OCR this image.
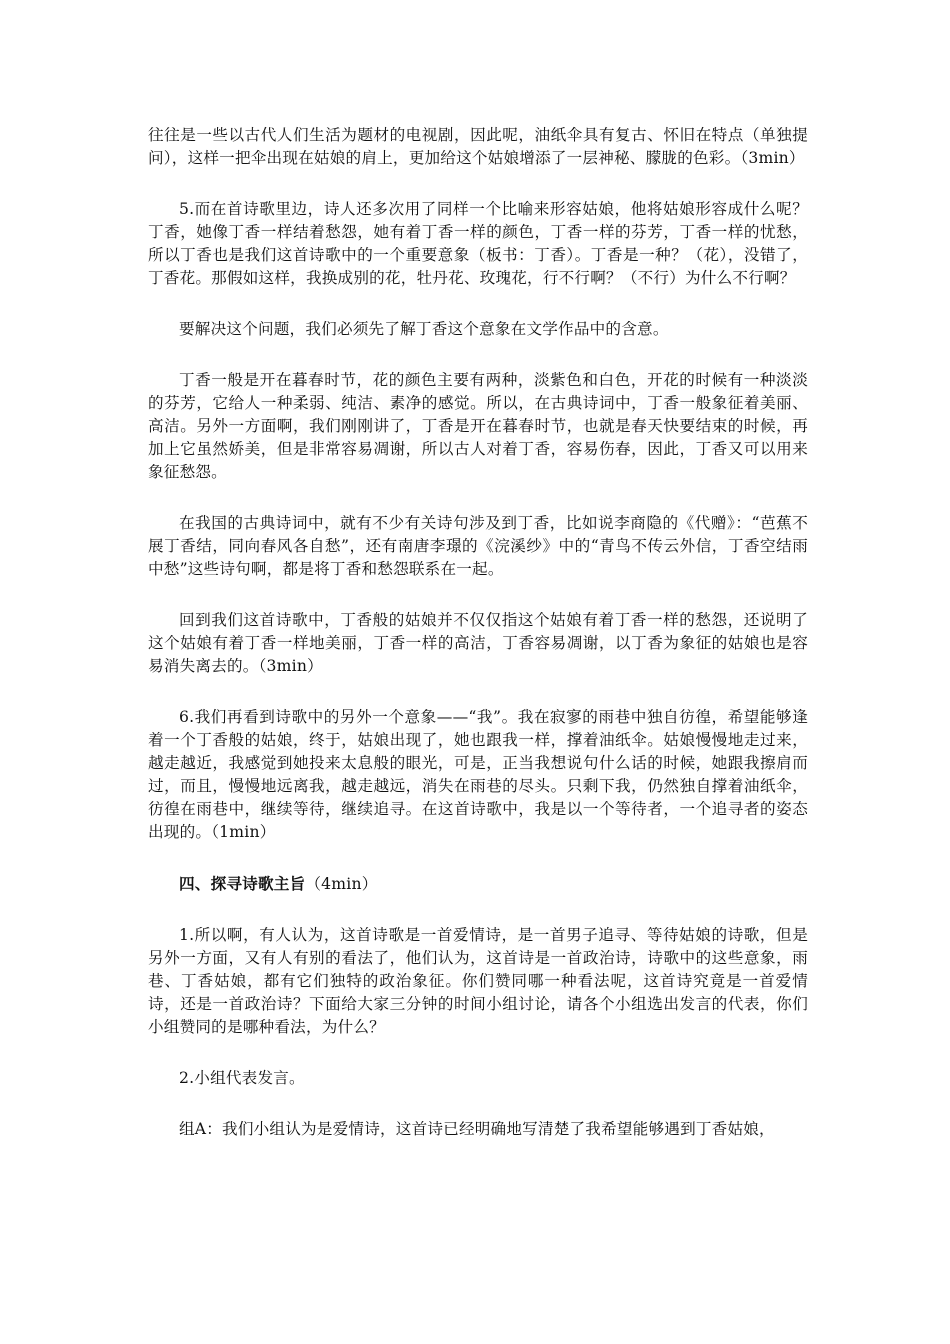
往往是一些以古代人们生活为题材的电视剧，因此呢，油纸伞具有复古、怀旧在特点（单独提问），这样一把伞出现在姑娘的肩上，更加给这个姑娘增添了一层神秘、朦胧的色彩。（3min）

5.而在首诗歌里边，诗人还多次用了同样一个比喻来形容姑娘，他将姑娘形容成什么呢？丁香，她像丁香一样结着愁怨，她有着丁香一样的颜色，丁香一样的芬芳，丁香一样的忧愁，所以丁香也是我们这首诗歌中的一个重要意象（板书：丁香）。丁香是一种？（花），没错了，丁香花。那假如这样，我换成别的花，牡丹花、玫瑰花，行不行啊？（不行）为什么不行啊？

要解决这个问题，我们必须先了解丁香这个意象在文学作品中的含意。

丁香一般是开在暮春时节，花的颜色主要有两种，淡紫色和白色，开花的时候有一种淡淡的芬芳，它给人一种柔弱、纯洁、素净的感觉。所以，在古典诗词中，丁香一般象征着美丽、高洁。另外一方面啊，我们刚刚讲了，丁香是开在暮春时节，也就是春天快要结束的时候，再加上它虽然娇美，但是非常容易凋谢，所以古人对着丁香，容易伤春，因此，丁香又可以用来象征愁怨。

在我国的古典诗词中，就有不少有关诗句涉及到丁香，比如说李商隐的《代赠》：“芭蕉不展丁香结，同向春风各自愁”，还有南唐李璟的《浣溪纱》中的“青鸟不传云外信，丁香空结雨中愁”这些诗句啊，都是将丁香和愁怨联系在一起。

回到我们这首诗歌中，丁香般的姑娘并不仅仅指这个姑娘有着丁香一样的愁怨，还说明了这个姑娘有着丁香一样地美丽，丁香一样的高洁，丁香容易凋谢，以丁香为象征的姑娘也是容易消失离去的。（3min）

6.我们再看到诗歌中的另外一个意象——“我”。我在寂寥的雨巷中独自彷徨，希望能够逢着一个丁香般的姑娘，终于，姑娘出现了，她也跟我一样，撑着油纸伞。姑娘慢慢地走过来，越走越近，我感觉到她投来太息般的眼光，可是，正当我想说句什么话的时候，她跟我擦肩而过，而且，慢慢地远离我，越走越远，消失在雨巷的尽头。只剩下我，仍然独自撑着油纸伞，彷徨在雨巷中，继续等待，继续追寻。在这首诗歌中，我是以一个等待者，一个追寻者的姿态出现的。（1min）

四、探寻诗歌主旨（4min）

1.所以啊，有人认为，这首诗歌是一首爱情诗，是一首男子追寻、等待姑娘的诗歌，但是另外一方面，又有人有别的看法了，他们认为，这首诗是一首政治诗，诗歌中的这些意象，雨巷、丁香姑娘，都有它们独特的政治象征。你们赞同哪一种看法呢，这首诗究竟是一首爱情诗，还是一首政治诗？下面给大家三分钟的时间小组讨论，请各个小组选出发言的代表，你们小组赞同的是哪种看法，为什么？

2.小组代表发言。

组A：我们小组认为是爱情诗，这首诗已经明确地写清楚了我希望能够遇到丁香姑娘，
